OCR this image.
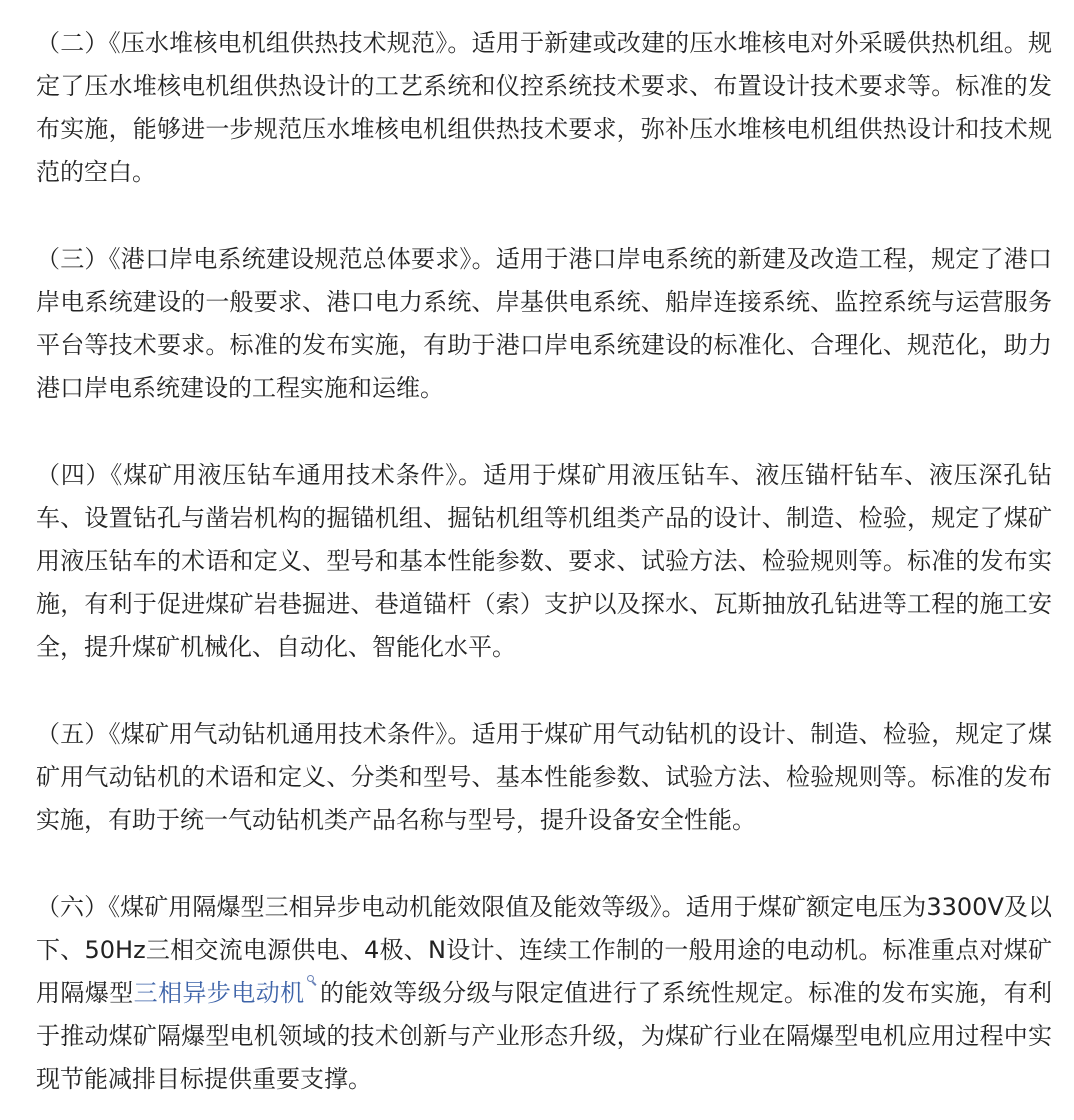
（二）《压水堆核电机组供热技术规范》。适用于新建或改建的压水堆核电对外采暖供热机组。规定了压水堆核电机组供热设计的工艺系统和仪控系统技术要求、布置设计技术要求等。标准的发布实施，能够进一步规范压水堆核电机组供热技术要求，弥补压水堆核电机组供热设计和技术规范的空白。

（三）《港口岸电系统建设规范总体要求》。适用于港口岸电系统的新建及改造工程，规定了港口岸电系统建设的一般要求、港口电力系统、岸基供电系统、船岸连接系统、监控系统与运营服务平台等技术要求。标准的发布实施，有助于港口岸电系统建设的标准化、合理化、规范化，助力港口岸电系统建设的工程实施和运维。

（四）《煤矿用液压钻车通用技术条件》。适用于煤矿用液压钻车、液压锚杆钻车、液压深孔钻车、设置钻孔与凿岩机构的掘锚机组、掘钻机组等机组类产品的设计、制造、检验，规定了煤矿用液压钻车的术语和定义、型号和基本性能参数、要求、试验方法、检验规则等。标准的发布实施，有利于促进煤矿岩巷掘进、巷道锚杆（索）支护以及探水、瓦斯抽放孔钻进等工程的施工安全，提升煤矿机械化、自动化、智能化水平。

（五）《煤矿用气动钻机通用技术条件》。适用于煤矿用气动钻机的设计、制造、检验，规定了煤矿用气动钻机的术语和定义、分类和型号、基本性能参数、试验方法、检验规则等。标准的发布实施，有助于统一气动钻机类产品名称与型号，提升设备安全性能。

（六）《煤矿用隔爆型三相异步电动机能效限值及能效等级》。适用于煤矿额定电压为3300V及以下、50Hz三相交流电源供电、4极、N设计、连续工作制的一般用途的电动机。标准重点对煤矿用隔爆型三相异步电动机 的能效等级分级与限定值进行了系统性规定。标准的发布实施，有利于推动煤矿隔爆型电机领域的技术创新与产业形态升级，为煤矿行业在隔爆型电机应用过程中实现节能减排目标提供重要支撑。
